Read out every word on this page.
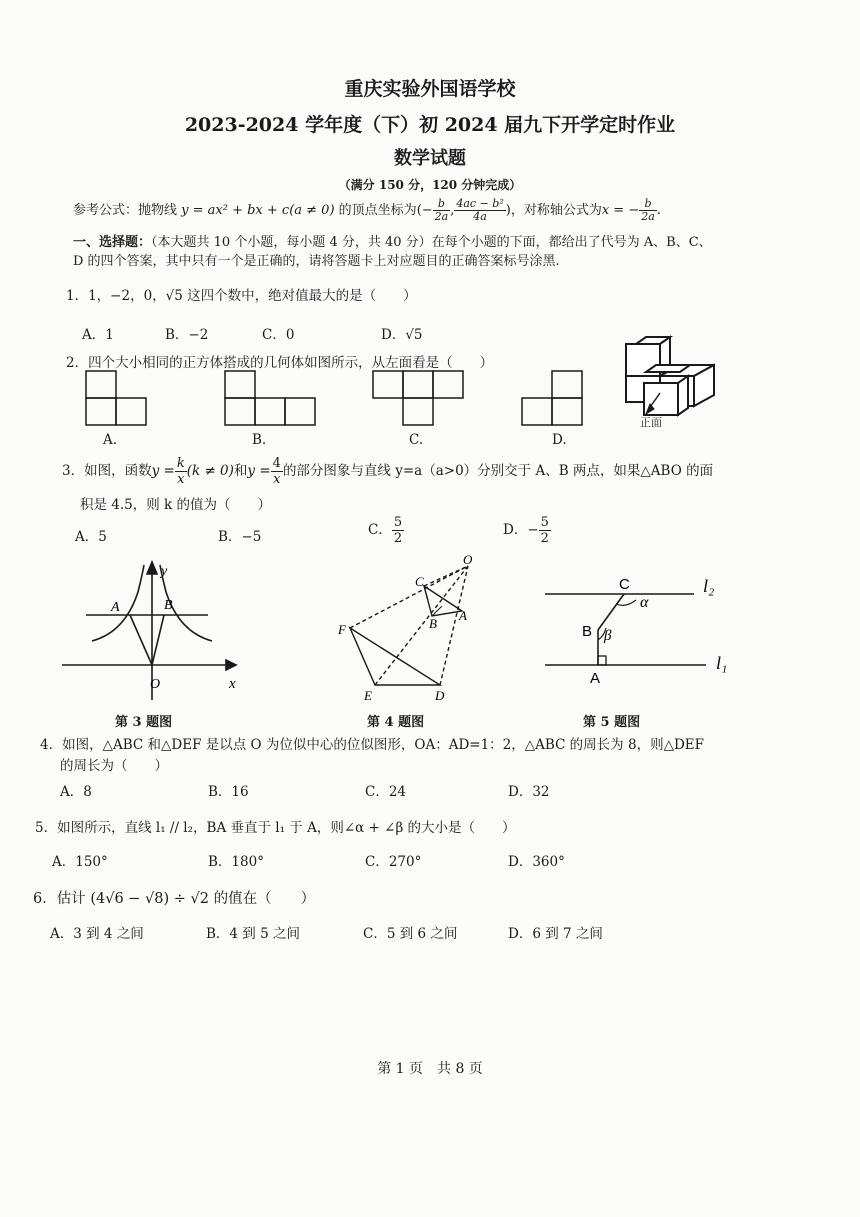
重庆实验外国语学校
2023-2024 学年度（下）初 2024 届九下开学定时作业
数学试题
（满分 150 分，120 分钟完成）
参考公式：抛物线 y = ax² + bx + c(a ≠ 0) 的顶点坐标为(− $\frac{b}{2a}$ , $\frac{\text{4ac − b²}}{4a}$ )，对称轴公式为x = − $\frac{b}{2a}$ .
一、选择题：（本大题共 10 个小题，每小题 4 分，共 40 分）在每个小题的下面，都给出了代号为 A、B、C、
D 的四个答案，其中只有一个是正确的，请将答题卡上对应题目的正确答案标号涂黑.
1．1，−2，0，√5 这四个数中，绝对值最大的是（　　）
A．1	B．−2	C．0	D．√5
2．四个大小相同的正方体搭成的几何体如图所示，从左面看是（　　）
正面
A.	B.	C.	D.
3．如图，函数$y = \frac{k}{x} (k \ne 0)$和$y = \frac{4}{x}$ 的部分图象与直线 y=a（a>0）分别交于 A、B 两点，如果△ABO 的面
积是 4.5，则 k 的值为（　　）
A．5	B．−5	C． $\frac{5}{2}$	D．− $\frac{5}{2}$
y
A	B
O	x
O
C
A
B
F
E	D
C
B
A
α
β
l₂
l₁
第 3 题图	第 4 题图	第 5 题图
4．如图，△ABC 和△DEF 是以点 O 为位似中心的位似图形，OA：AD=1：2，△ABC 的周长为 8，则△DEF
的周长为（　　）
A．8	B．16	C．24	D．32
5．如图所示，直线 l₁ // l₂，BA 垂直于 l₁ 于 A，则∠α + ∠β 的大小是（　　）
A．150°	B．180°	C．270°	D．360°
6．估计 (4√6 − √8) ÷ √2 的值在（　　）
A．3 到 4 之间	B．4 到 5 之间	C．5 到 6 之间	D．6 到 7 之间
第 1 页　共 8 页
